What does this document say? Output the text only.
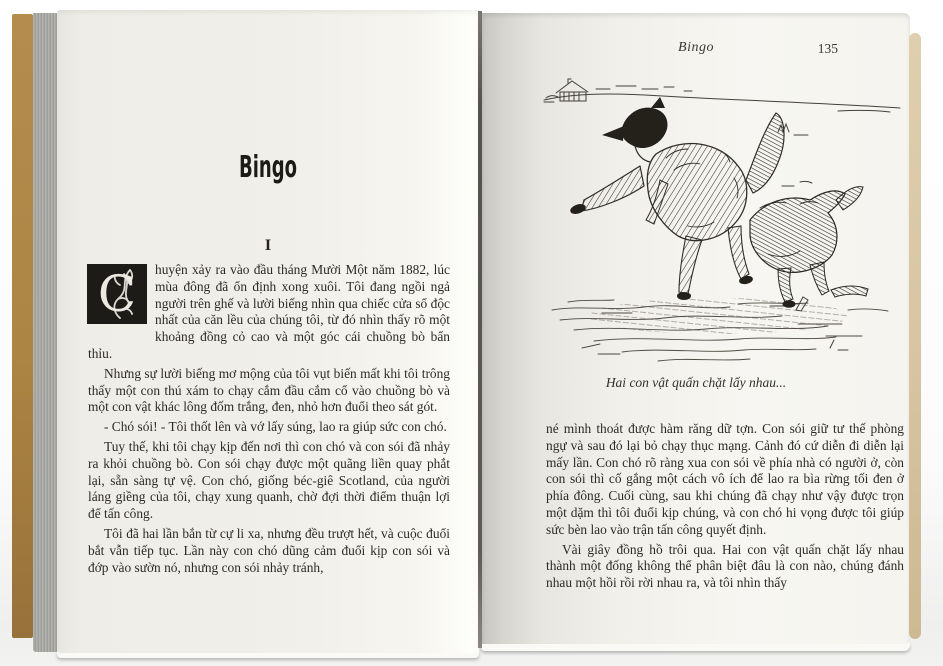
Bingo
I

C	huyện xảy ra vào đầu tháng Mười Một năm 1882, lúc mùa đông đã ổn định xong xuôi. Tôi đang ngồi ngả người trên ghế và lười biếng nhìn qua chiếc cửa sổ độc nhất của căn lều của chúng tôi, từ đó nhìn thấy rõ một khoảng đồng cỏ cao và một góc cái chuồng bò bẩn thỉu.

Nhưng sự lười biếng mơ mộng của tôi vụt biến mất khi tôi trông thấy một con thú xám to chạy cắm đầu cắm cổ vào chuồng bò và một con vật khác lông đốm trắng, đen, nhỏ hơn đuổi theo sát gót.

- Chó sói! - Tôi thốt lên và vớ lấy súng, lao ra giúp sức con chó.

Tuy thế, khi tôi chạy kịp đến nơi thì con chó và con sói đã nhảy ra khỏi chuồng bò. Con sói chạy được một quãng liền quay phắt lại, sẵn sàng tự vệ. Con chó, giống béc-giê Scotland, của người láng giềng của tôi, chạy xung quanh, chờ đợi thời điểm thuận lợi để tấn công.

Tôi đã hai lần bắn từ cự li xa, nhưng đều trượt hết, và cuộc đuổi bắt vẫn tiếp tục. Lần này con chó dũng cảm đuổi kịp con sói và đớp vào sườn nó, nhưng con sói nhảy tránh,

Bingo	135
Hai con vật quấn chặt lấy nhau...

né mình thoát được hàm răng dữ tợn. Con sói giữ tư thế phòng ngự và sau đó lại bỏ chạy thục mạng. Cảnh đó cứ diễn đi diễn lại mấy lần. Con chó rõ ràng xua con sói về phía nhà có người ở, còn con sói thì cố gắng một cách vô ích để lao ra bìa rừng tối đen ở phía đông. Cuối cùng, sau khi chúng đã chạy như vậy được trọn một dặm thì tôi đuổi kịp chúng, và con chó hi vọng được tôi giúp sức bèn lao vào trận tấn công quyết định.

Vài giây đồng hồ trôi qua. Hai con vật quấn chặt lấy nhau thành một đống không thể phân biệt đâu là con nào, chúng đánh nhau một hồi rồi rời nhau ra, và tôi nhìn thấy
